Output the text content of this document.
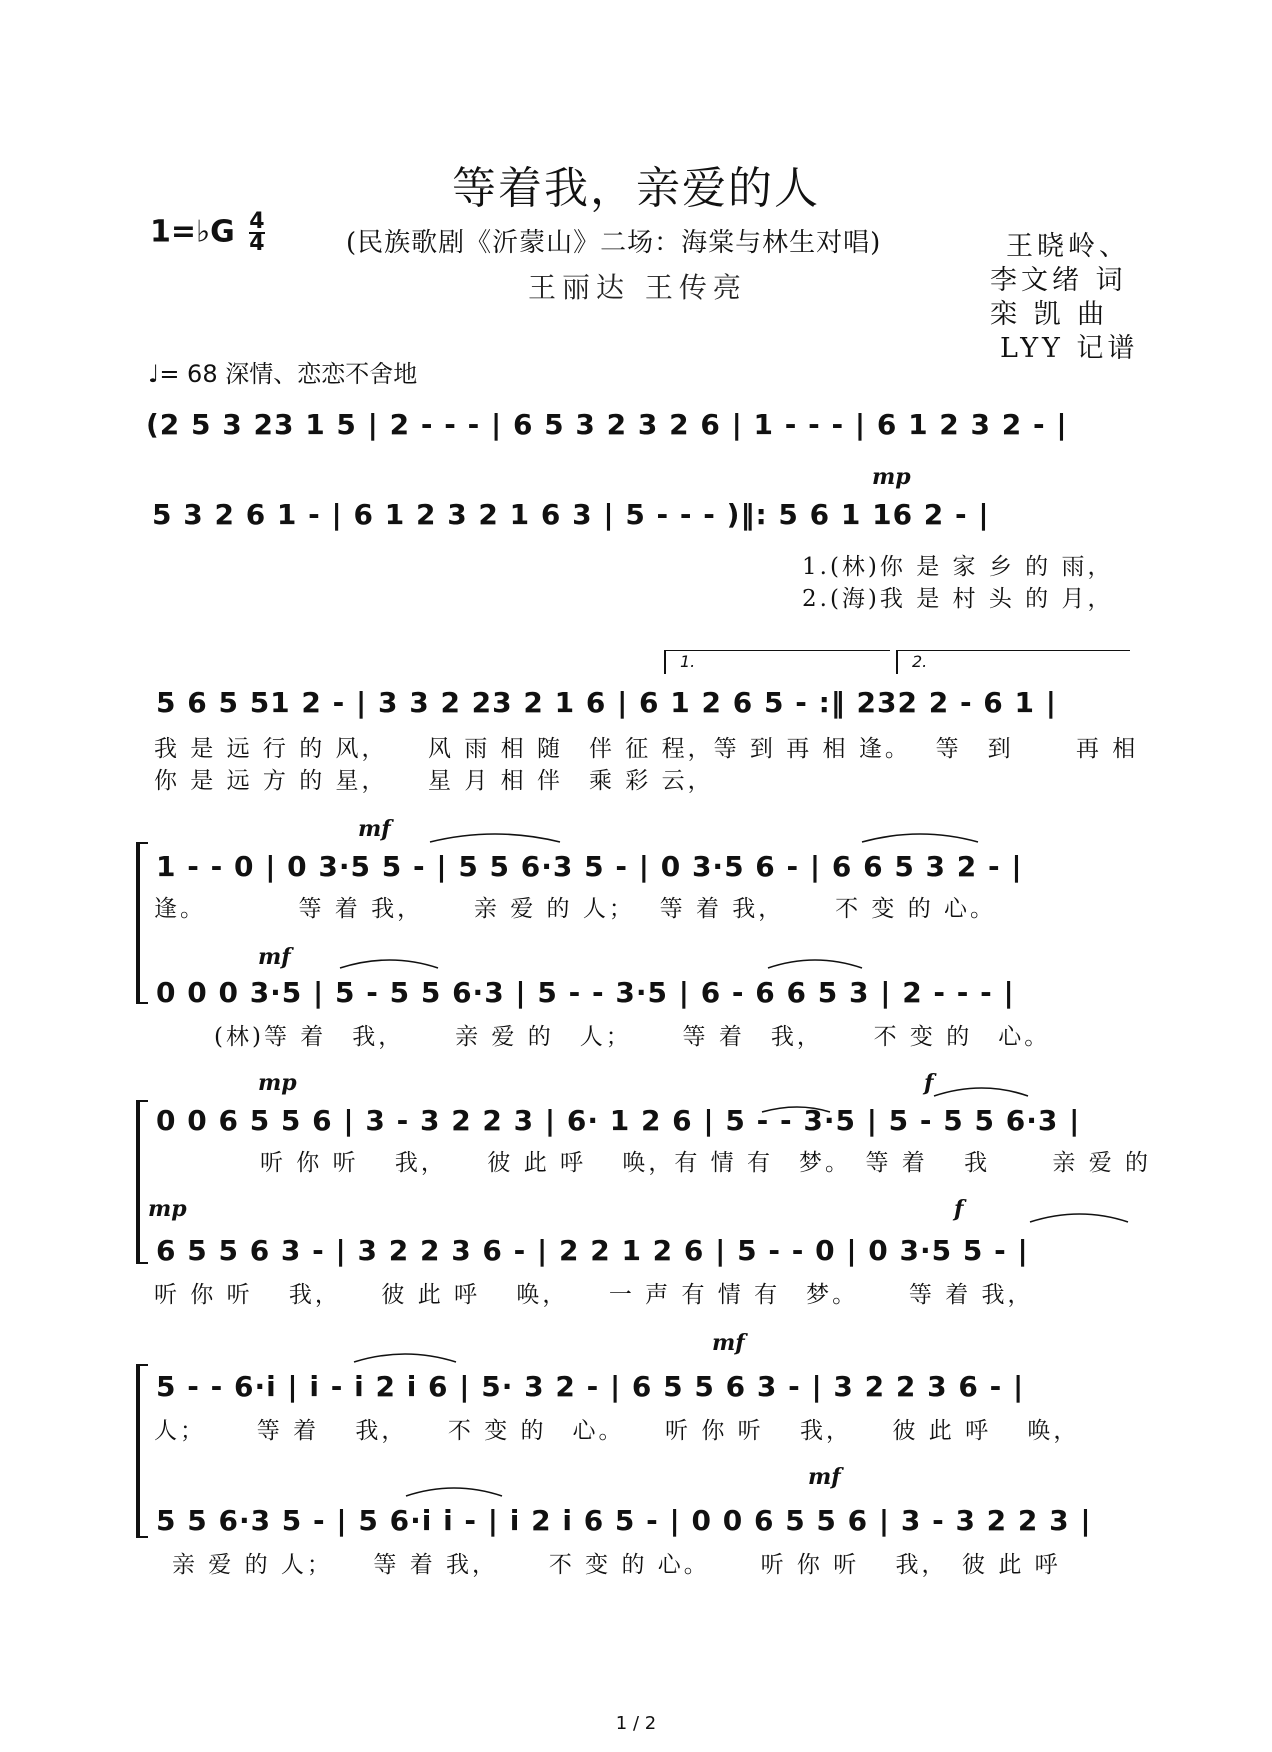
等着我，亲爱的人
1=♭G $\frac{4}{4}$	(民族歌剧《沂蒙山》二场：海棠与林生对唱)
王丽达 王传亮
王晓岭、
李文绪 词
栾 凯 曲
LYY 记谱
♩= 68 深情、恋恋不舍地
(2 5 3 23 1 5 | 2 - - - | 6 5 3 2 3 2 6 | 1 - - - | 6 1 2 3 2 - |
mp
5 3 2 6 1 - | 6 1 2 3 2 1 6 3 | 5 - - - )‖: 5 6 1 16 2 - |
1.(林)你 是 家 乡 的 雨，
2.(海)我 是 村 头 的 月，
1.	2.
5 6 5 51 2 - | 3 3 2 23 2 1 6 | 6 1 2 6 5 - :‖ 232 2 - 6 1 |
我 是 远 行 的 风，　　风 雨 相 随　伴 征 程，等 到 再 相 逢。　 等　到　　 再 相
你 是 远 方 的 星，　　星 月 相 伴　乘 彩 云，
mf
1 - - 0 | 0 3·5 5 - | 5 5 6·3 5 - | 0 3·5 6 - | 6 6 5 3 2 - |
逢。　　　　等 着 我，　　 亲 爱 的 人；　 等 着 我，　　 不 变 的 心。
mf
0 0 0 3·5 | 5 - 5 5 6·3 | 5 - - 3·5 | 6 - 6 6 5 3 | 2 - - - |
(林)等 着　我，　　 亲 爱 的　人；　　 等 着　我，　　 不 变 的　心。
mp	f
0 0 6 5 5 6 | 3 - 3 2 2 3 | 6· 1 2 6 | 5 - - 3·5 | 5 - 5 5 6·3 |
听 你 听　 我，　　彼 此 呼　 唤，有 情 有　梦。　等 着　 我　　 亲 爱 的
mp	f
6 5 5 6 3 - | 3 2 2 3 6 - | 2 2 1 2 6 | 5 - - 0 | 0 3·5 5 - |
听 你 听　 我，　　彼 此 呼　 唤，　　一 声 有 情 有　梦。　　 等 着 我，
mf
5 - - 6·i | i - i 2 i 6 | 5· 3 2 - | 6 5 5 6 3 - | 3 2 2 3 6 - |
人；　　 等 着　 我，　　不 变 的　心。　　听 你 听　 我，　　彼 此 呼　 唤，
mf
5 5 6·3 5 - | 5 6·i i - | i 2 i 6 5 - | 0 0 6 5 5 6 | 3 - 3 2 2 3 |
亲 爱 的 人；　　等 着 我，　　 不 变 的 心。　　 听 你 听　 我，　彼 此 呼
1 / 2
